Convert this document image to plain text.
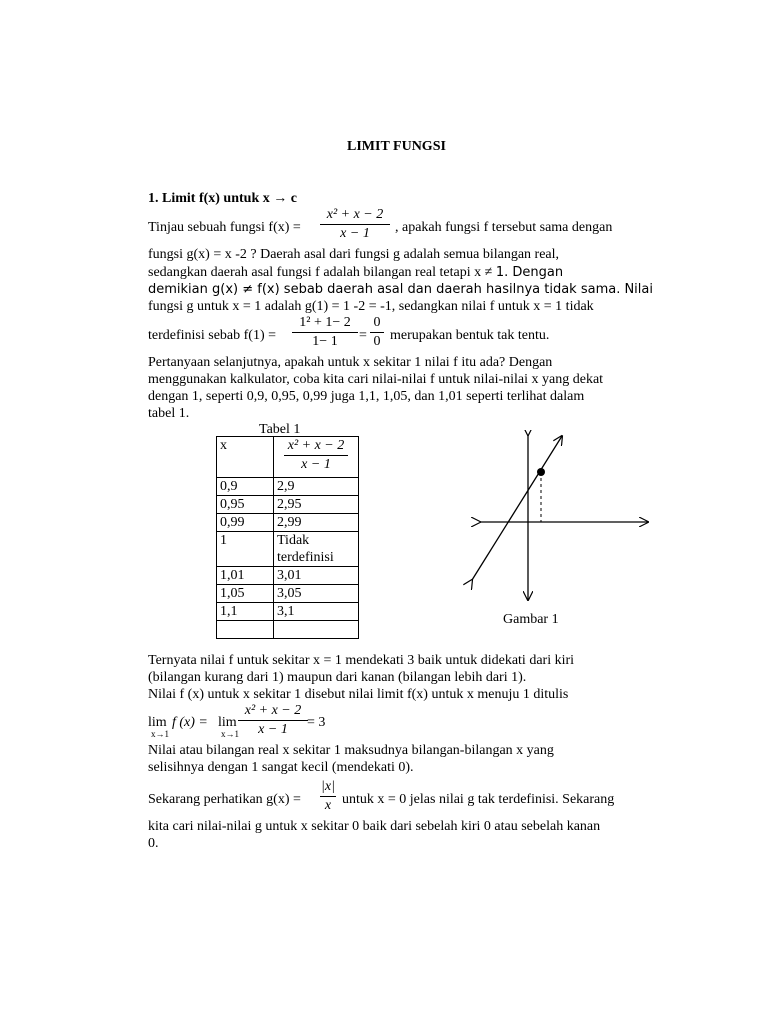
LIMIT FUNGSI
1. Limit f(x) untuk x → c
Tinjau sebuah fungsi f(x) =
x² + x − 2
x − 1	, apakah fungsi f tersebut sama dengan
fungsi g(x) = x -2 ? Daerah asal dari fungsi g adalah semua bilangan real,
sedangkan daerah asal fungsi f adalah bilangan real tetapi x ≠ 1. Dengan
demikian g(x) ≠ f(x) sebab daerah asal dan daerah hasilnya tidak sama. Nilai
fungsi g untuk x = 1 adalah g(1) = 1 -2 = -1, sedangkan nilai f untuk x = 1 tidak
terdefinisi sebab f(1) =
1² + 1− 2
1− 1	=
0
0 merupakan bentuk tak tentu.
Pertanyaan selanjutnya, apakah untuk x sekitar 1 nilai f itu ada? Dengan
menggunakan kalkulator, coba kita cari nilai-nilai f untuk nilai-nilai x yang dekat
dengan 1, seperti 0,9, 0,95, 0,99 juga 1,1, 1,05, dan 1,01 seperti terlihat dalam
tabel 1.
Tabel 1
x	x² + x − 2
x − 1

0,9	2,9
0,95	2,95
0,99	2,99
1	Tidak terdefinisi
1,01	3,01
1,05	3,05
1,1	3,1

Gambar 1
Ternyata nilai f untuk sekitar x = 1 mendekati 3 baik untuk didekati dari kiri
(bilangan kurang dari 1) maupun dari kanan (bilangan lebih dari 1).
Nilai f (x) untuk x sekitar 1 disebut nilai limit f(x) untuk x menuju 1 ditulis
lim
x→1
f (x) = lim
x→1
x² + x − 2
x − 1	= 3
Nilai atau bilangan real x sekitar 1 maksudnya bilangan-bilangan x yang
selisihnya dengan 1 sangat kecil (mendekati 0).
Sekarang perhatikan g(x) =
|x|
x untuk x = 0 jelas nilai g tak terdefinisi. Sekarang
kita cari nilai-nilai g untuk x sekitar 0 baik dari sebelah kiri 0 atau sebelah kanan
0.
